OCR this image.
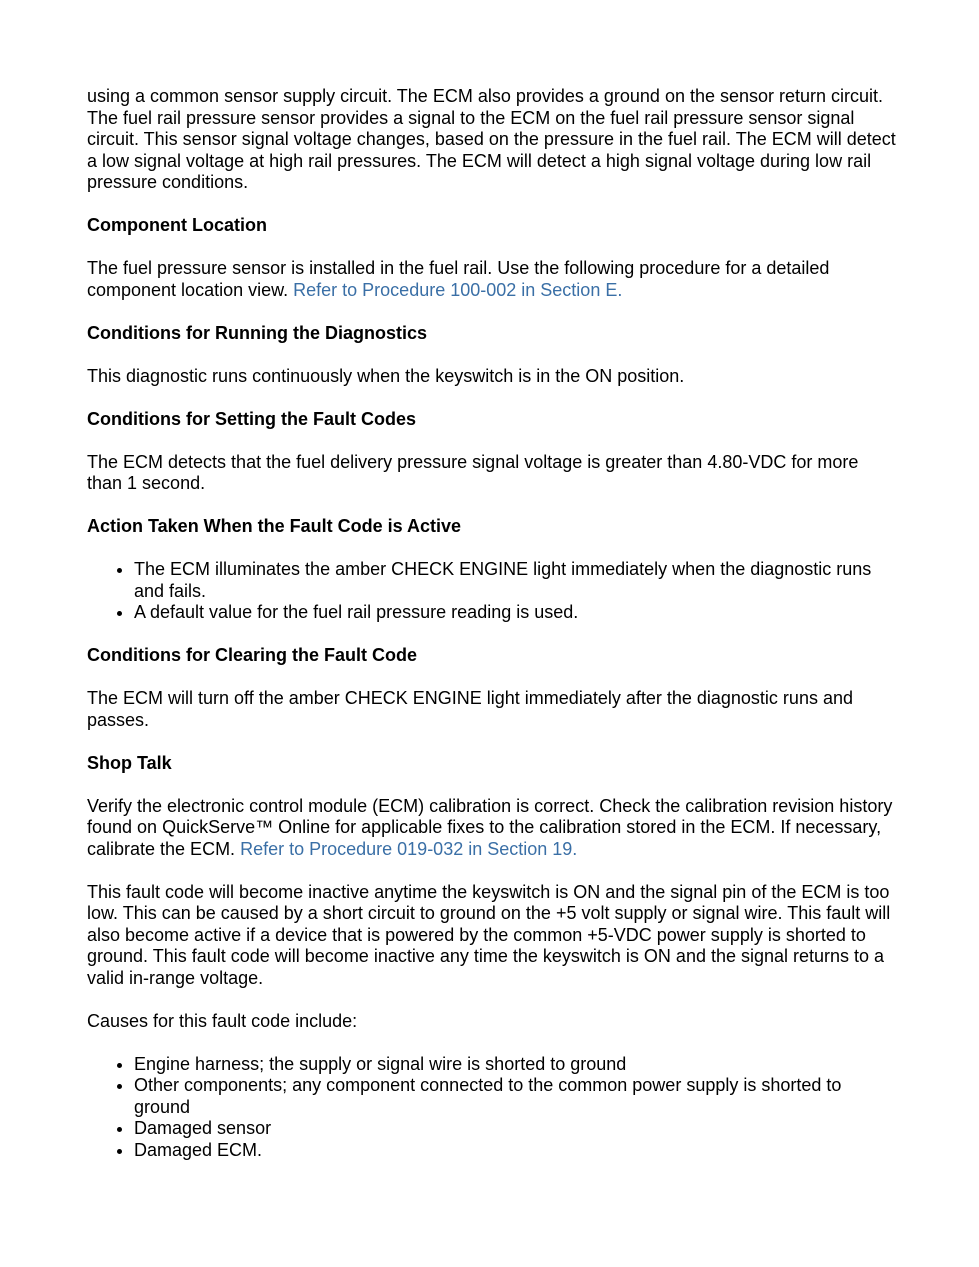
using a common sensor supply circuit. The ECM also provides a ground on the sensor return circuit. The fuel rail pressure sensor provides a signal to the ECM on the fuel rail pressure sensor signal circuit. This sensor signal voltage changes, based on the pressure in the fuel rail. The ECM will detect a low signal voltage at high rail pressures. The ECM will detect a high signal voltage during low rail pressure conditions.

Component Location

The fuel pressure sensor is installed in the fuel rail. Use the following procedure for a detailed component location view. Refer to Procedure 100-002 in Section E.

Conditions for Running the Diagnostics

This diagnostic runs continuously when the keyswitch is in the ON position.

Conditions for Setting the Fault Codes

The ECM detects that the fuel delivery pressure signal voltage is greater than 4.80-VDC for more than 1 second.

Action Taken When the Fault Code is Active
• The ECM illuminates the amber CHECK ENGINE light immediately when the diagnostic runs and fails.
• A default value for the fuel rail pressure reading is used.
Conditions for Clearing the Fault Code

The ECM will turn off the amber CHECK ENGINE light immediately after the diagnostic runs and passes.

Shop Talk

Verify the electronic control module (ECM) calibration is correct. Check the calibration revision history found on QuickServe™ Online for applicable fixes to the calibration stored in the ECM. If necessary, calibrate the ECM. Refer to Procedure 019-032 in Section 19.

This fault code will become inactive anytime the keyswitch is ON and the signal pin of the ECM is too low. This can be caused by a short circuit to ground on the +5 volt supply or signal wire. This fault will also become active if a device that is powered by the common +5-VDC power supply is shorted to ground. This fault code will become inactive any time the keyswitch is ON and the signal returns to a valid in-range voltage.

Causes for this fault code include:

• Engine harness; the supply or signal wire is shorted to ground
• Other components; any component connected to the common power supply is shorted to ground
• Damaged sensor
• Damaged ECM.
